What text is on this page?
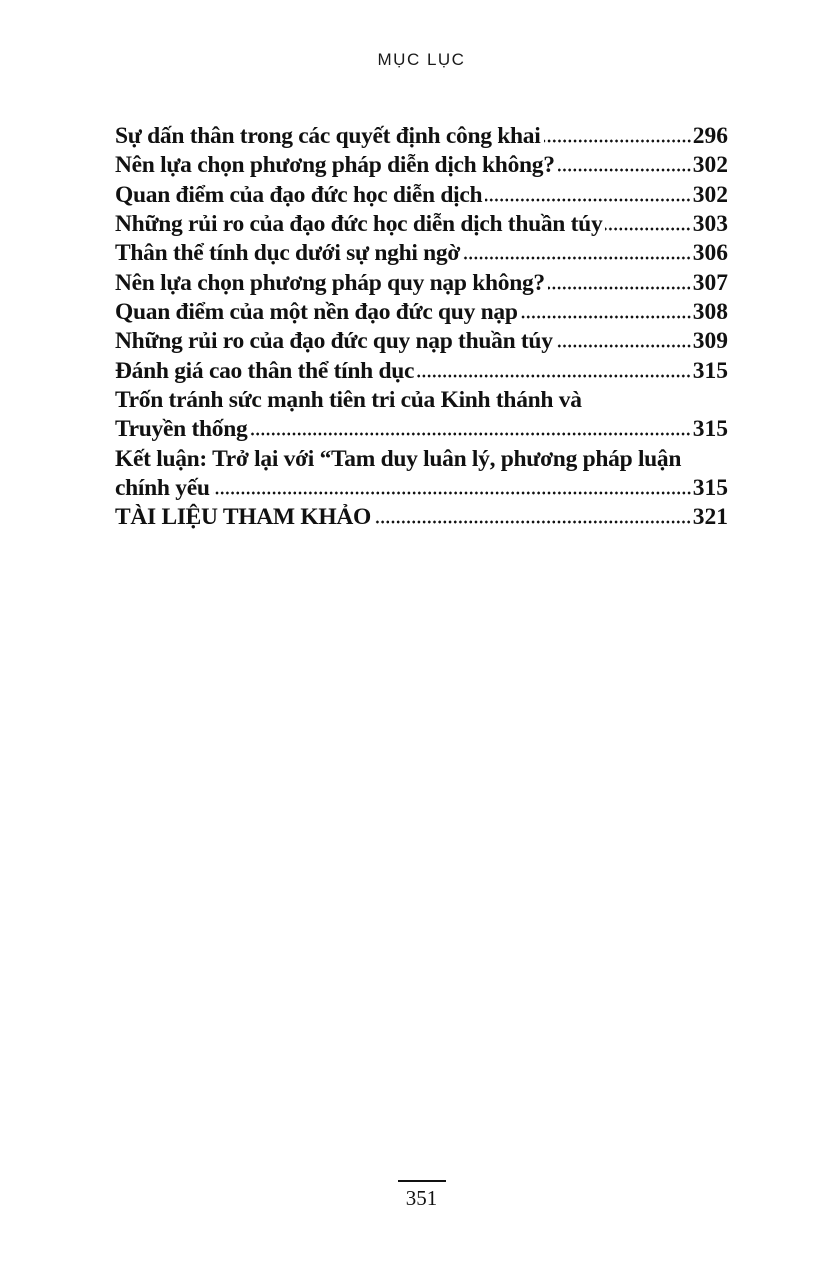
MỤC LỤC
Sự dấn thân trong các quyết định công khai	296
Nên lựa chọn phương pháp diễn dịch không?	302
Quan điểm của đạo đức học diễn dịch	302
Những rủi ro của đạo đức học diễn dịch thuần túy	303
Thân thể tính dục dưới sự nghi ngờ	306
Nên lựa chọn phương pháp quy nạp không?	307
Quan điểm của một nền đạo đức quy nạp	308
Những rủi ro của đạo đức quy nạp thuần túy	309
Đánh giá cao thân thể tính dục	315
Trốn tránh sức mạnh tiên tri của Kinh thánh và
Truyền thống	315
Kết luận: Trở lại với “Tam duy luân lý, phương pháp luận
chính yếu	315
TÀI LIỆU THAM KHẢO	321
351
